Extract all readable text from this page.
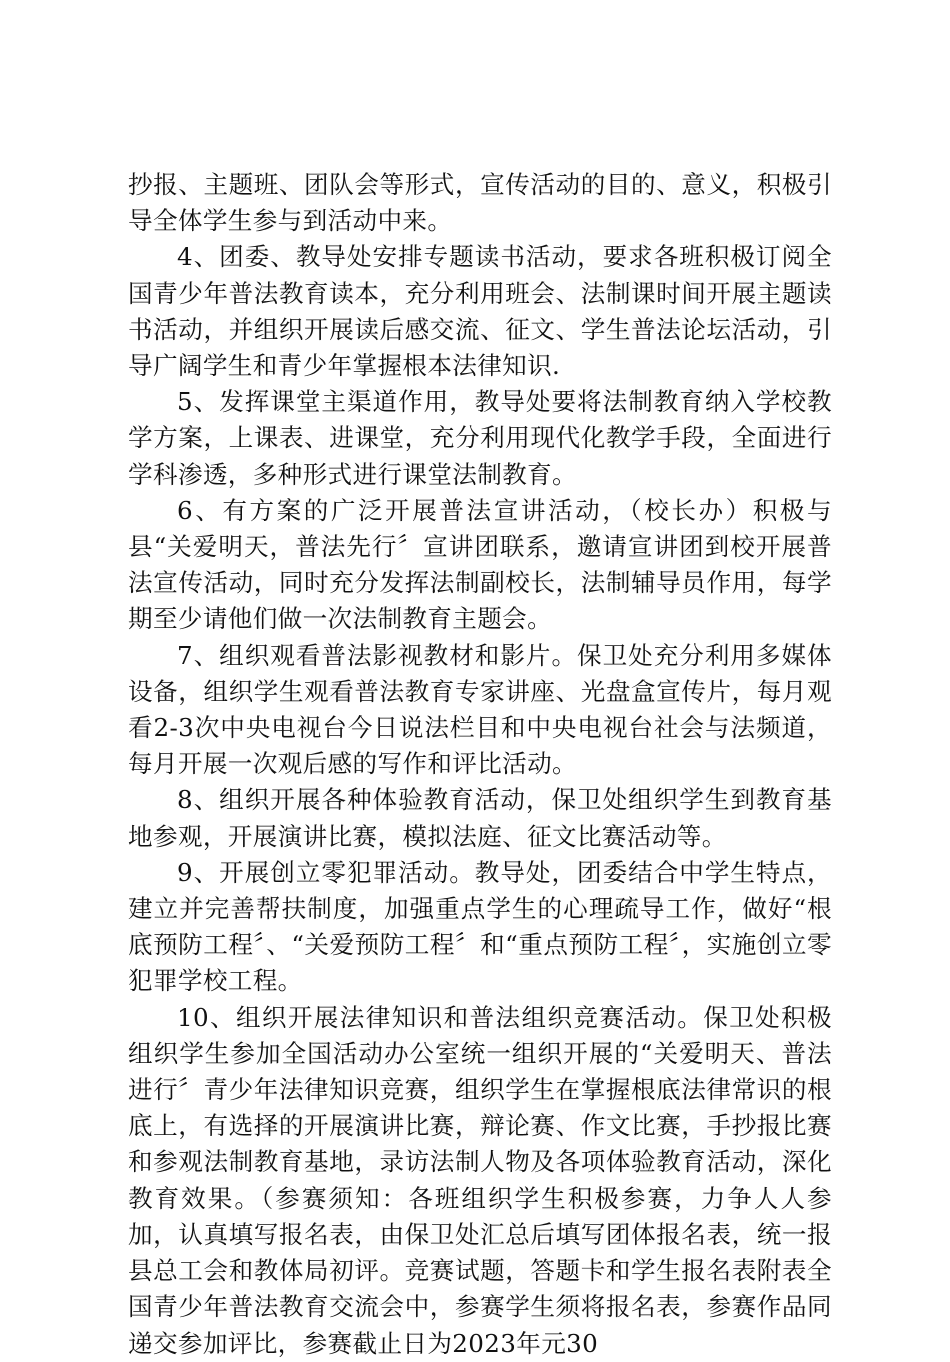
抄报、主题班、团队会等形式，宣传活动的目的、意义，积极引导全体学生参与到活动中来。

4、团委、教导处安排专题读书活动，要求各班积极订阅全国青少年普法教育读本，充分利用班会、法制课时间开展主题读书活动，并组织开展读后感交流、征文、学生普法论坛活动，引导广阔学生和青少年掌握根本法律知识.

5、发挥课堂主渠道作用，教导处要将法制教育纳入学校教学方案，上课表、进课堂，充分利用现代化教学手段，全面进行学科渗透，多种形式进行课堂法制教育。

6、有方案的广泛开展普法宣讲活动，（校长办）积极与县“关爱明天，普法先行〞宣讲团联系，邀请宣讲团到校开展普法宣传活动，同时充分发挥法制副校长，法制辅导员作用，每学期至少请他们做一次法制教育主题会。

7、组织观看普法影视教材和影片。保卫处充分利用多媒体设备，组织学生观看普法教育专家讲座、光盘盒宣传片，每月观看2-3次中央电视台今日说法栏目和中央电视台社会与法频道，每月开展一次观后感的写作和评比活动。

8、组织开展各种体验教育活动，保卫处组织学生到教育基地参观，开展演讲比赛，模拟法庭、征文比赛活动等。

9、开展创立零犯罪活动。教导处，团委结合中学生特点，建立并完善帮扶制度，加强重点学生的心理疏导工作，做好“根底预防工程〞、“关爱预防工程〞和“重点预防工程〞，实施创立零犯罪学校工程。

10、组织开展法律知识和普法组织竞赛活动。保卫处积极组织学生参加全国活动办公室统一组织开展的“关爱明天、普法进行〞青少年法律知识竞赛，组织学生在掌握根底法律常识的根底上，有选择的开展演讲比赛，辩论赛、作文比赛，手抄报比赛和参观法制教育基地，录访法制人物及各项体验教育活动，深化教育效果。（参赛须知：各班组织学生积极参赛，力争人人参加，认真填写报名表，由保卫处汇总后填写团体报名表，统一报县总工会和教体局初评。竞赛试题，答题卡和学生报名表附表全国青少年普法教育交流会中，参赛学生须将报名表，参赛作品同递交参加评比，参赛截止日为2023年元30
